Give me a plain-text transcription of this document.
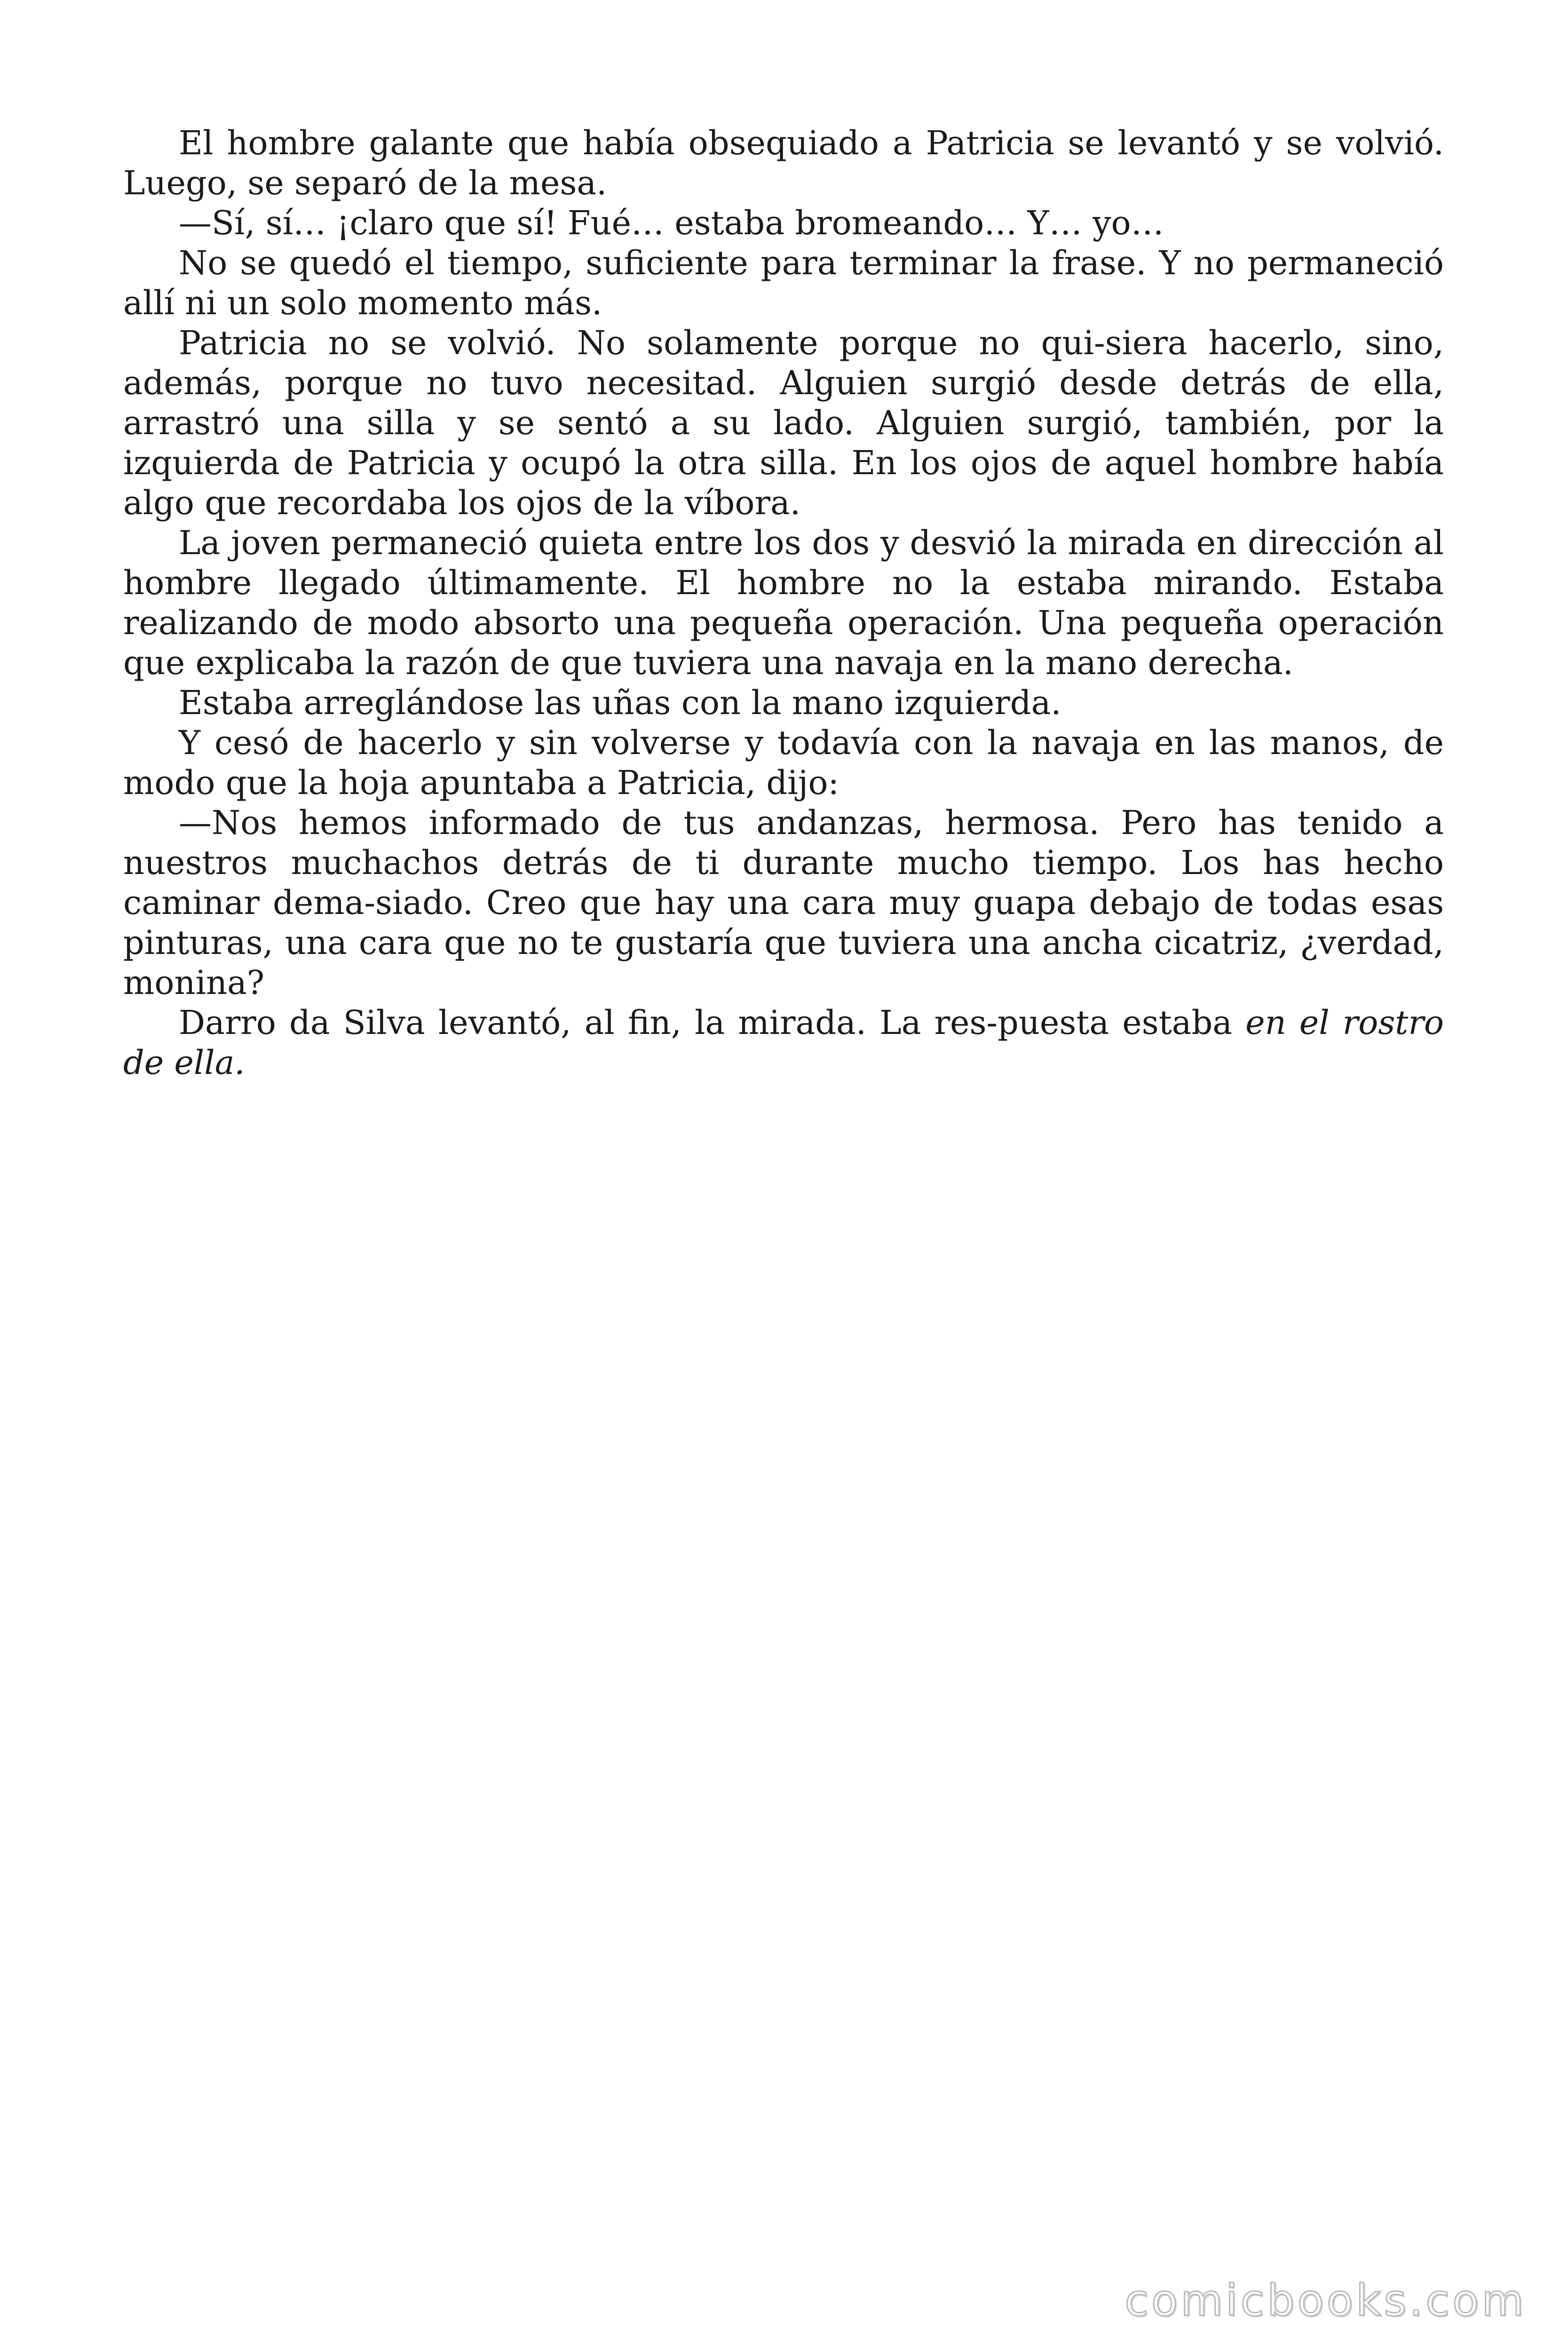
El hombre galante que había obsequiado a Patricia se levantó y se volvió. Luego, se separó de la mesa.

—Sí, sí… ¡claro que sí! Fué… estaba bromeando… Y… yo…

No se quedó el tiempo, suficiente para terminar la frase. Y no permaneció allí ni un solo momento más.

Patricia no se volvió. No solamente porque no qui-siera hacerlo, sino, además, porque no tuvo necesitad. Alguien surgió desde detrás de ella, arrastró una silla y se sentó a su lado. Alguien surgió, también, por la izquierda de Patricia y ocupó la otra silla. En los ojos de aquel hombre había algo que recordaba los ojos de la víbora.

La joven permaneció quieta entre los dos y desvió la mirada en dirección al hombre llegado últimamente. El hombre no la estaba mirando. Estaba realizando de modo absorto una pequeña operación. Una pequeña operación que explicaba la razón de que tuviera una navaja en la mano derecha.

Estaba arreglándose las uñas con la mano izquierda.

Y cesó de hacerlo y sin volverse y todavía con la navaja en las manos, de modo que la hoja apuntaba a Patricia, dijo:

—Nos hemos informado de tus andanzas, hermosa. Pero has tenido a nuestros muchachos detrás de ti durante mucho tiempo. Los has hecho caminar dema-siado. Creo que hay una cara muy guapa debajo de todas esas pinturas, una cara que no te gustaría que tuviera una ancha cicatriz, ¿verdad, monina?

Darro da Silva levantó, al fin, la mirada. La res-puesta estaba en el rostro de ella.

comicbooks.com
